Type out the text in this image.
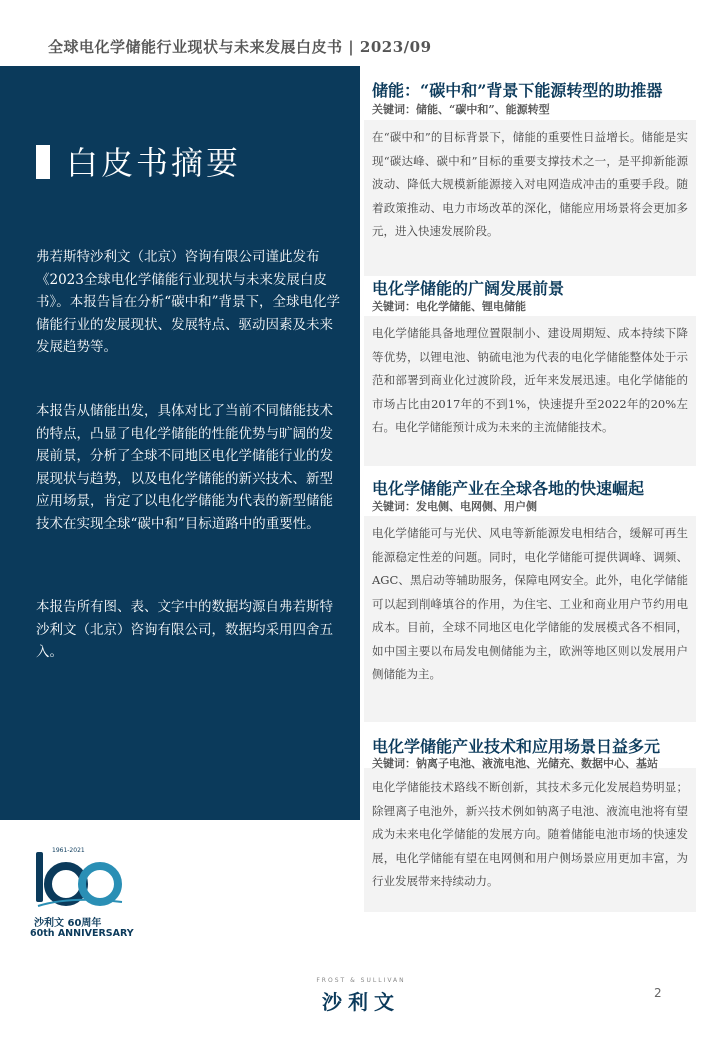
全球电化学储能行业现状与未来发展白皮书 | 2023/09
白皮书摘要
弗若斯特沙利文（北京）咨询有限公司谨此发布《2023全球电化学储能行业现状与未来发展白皮书》。本报告旨在分析“碳中和”背景下，全球电化学储能行业的发展现状、发展特点、驱动因素及未来发展趋势等。
本报告从储能出发，具体对比了当前不同储能技术的特点，凸显了电化学储能的性能优势与旷阔的发展前景，分析了全球不同地区电化学储能行业的发展现状与趋势，以及电化学储能的新兴技术、新型应用场景，肯定了以电化学储能为代表的新型储能技术在实现全球“碳中和”目标道路中的重要性。
本报告所有图、表、文字中的数据均源自弗若斯特沙利文（北京）咨询有限公司，数据均采用四舍五入。
储能：“碳中和”背景下能源转型的助推器
关键词：储能、“碳中和”、能源转型
在“碳中和”的目标背景下，储能的重要性日益增长。储能是实现“碳达峰、碳中和”目标的重要支撑技术之一，是平抑新能源波动、降低大规模新能源接入对电网造成冲击的重要手段。随着政策推动、电力市场改革的深化，储能应用场景将会更加多元，进入快速发展阶段。
电化学储能的广阔发展前景
关键词：电化学储能、锂电储能
电化学储能具备地理位置限制小、建设周期短、成本持续下降等优势，以锂电池、钠硫电池为代表的电化学储能整体处于示范和部署到商业化过渡阶段，近年来发展迅速。电化学储能的市场占比由2017年的不到1%，快速提升至2022年的20%左右。电化学储能预计成为未来的主流储能技术。
电化学储能产业在全球各地的快速崛起
关键词：发电侧、电网侧、用户侧
电化学储能可与光伏、风电等新能源发电相结合，缓解可再生能源稳定性差的问题。同时，电化学储能可提供调峰、调频、AGC、黑启动等辅助服务，保障电网安全。此外，电化学储能可以起到削峰填谷的作用，为住宅、工业和商业用户节约用电成本。目前，全球不同地区电化学储能的发展模式各不相同，如中国主要以布局发电侧储能为主，欧洲等地区则以发展用户侧储能为主。
电化学储能产业技术和应用场景日益多元
关键词：钠离子电池、液流电池、光储充、数据中心、基站
电化学储能技术路线不断创新，其技术多元化发展趋势明显；除锂离子电池外，新兴技术例如钠离子电池、液流电池将有望成为未来电化学储能的发展方向。随着储能电池市场的快速发展，电化学储能有望在电网侧和用户侧场景应用更加丰富，为行业发展带来持续动力。
1961-2021
沙利文 60周年
60th ANNIVERSARY
FROST & SULLIVAN
沙利文	2
